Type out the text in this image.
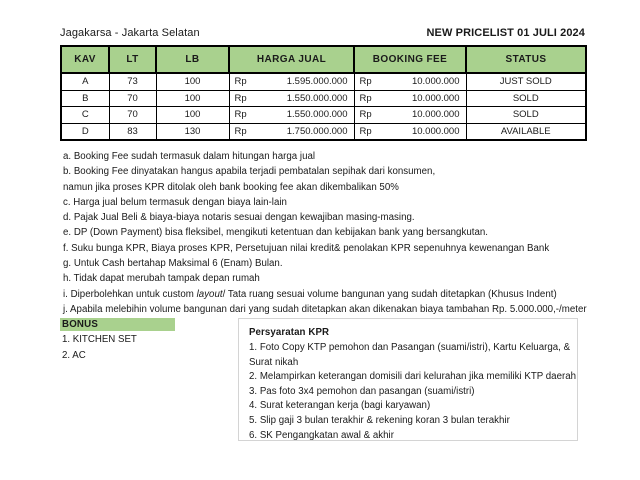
Jagakarsa - Jakarta Selatan	NEW PRICELIST 01 JULI 2024
KAV	LT	LB	HARGA JUAL		BOOKING FEE		STATUS
A	73	100	Rp	1.595.000.000	Rp	10.000.000	JUST SOLD
B	70	100	Rp	1.550.000.000	Rp	10.000.000	SOLD
C	70	100	Rp	1.550.000.000	Rp	10.000.000	SOLD
D	83	130	Rp	1.750.000.000	Rp	10.000.000	AVAILABLE
a. Booking Fee sudah termasuk dalam hitungan harga jual
b. Booking Fee dinyatakan hangus apabila terjadi pembatalan sepihak dari konsumen,
namun jika proses KPR ditolak oleh bank booking fee akan dikembalikan 50%
c. Harga jual belum termasuk dengan biaya lain-lain
d. Pajak Jual Beli & biaya-biaya notaris sesuai dengan kewajiban masing-masing.
e. DP (Down Payment) bisa fleksibel, mengikuti ketentuan dan kebijakan bank yang bersangkutan.
f. Suku bunga KPR, Biaya proses KPR, Persetujuan nilai kredit& penolakan KPR sepenuhnya kewenangan Bank
g. Untuk Cash bertahap Maksimal 6 (Enam) Bulan.
h. Tidak dapat merubah tampak depan rumah
i. Diperbolehkan untuk custom layout/ Tata ruang sesuai volume bangunan yang sudah ditetapkan (Khusus Indent)
j. Apabila melebihin volume bangunan dari yang sudah ditetapkan akan dikenakan biaya tambahan Rp. 5.000.000,-/meter
BONUS
1. KITCHEN SET
2. AC
Persyaratan KPR
1. Foto Copy KTP pemohon dan Pasangan (suami/istri), Kartu Keluarga, &
Surat nikah
2. Melampirkan keterangan domisili dari kelurahan jika memiliki KTP daerah
3. Pas foto 3x4 pemohon dan pasangan (suami/istri)
4. Surat keterangan kerja (bagi karyawan)
5. Slip gaji 3 bulan terakhir & rekening koran 3 bulan terakhir
6. SK Pengangkatan awal & akhir
